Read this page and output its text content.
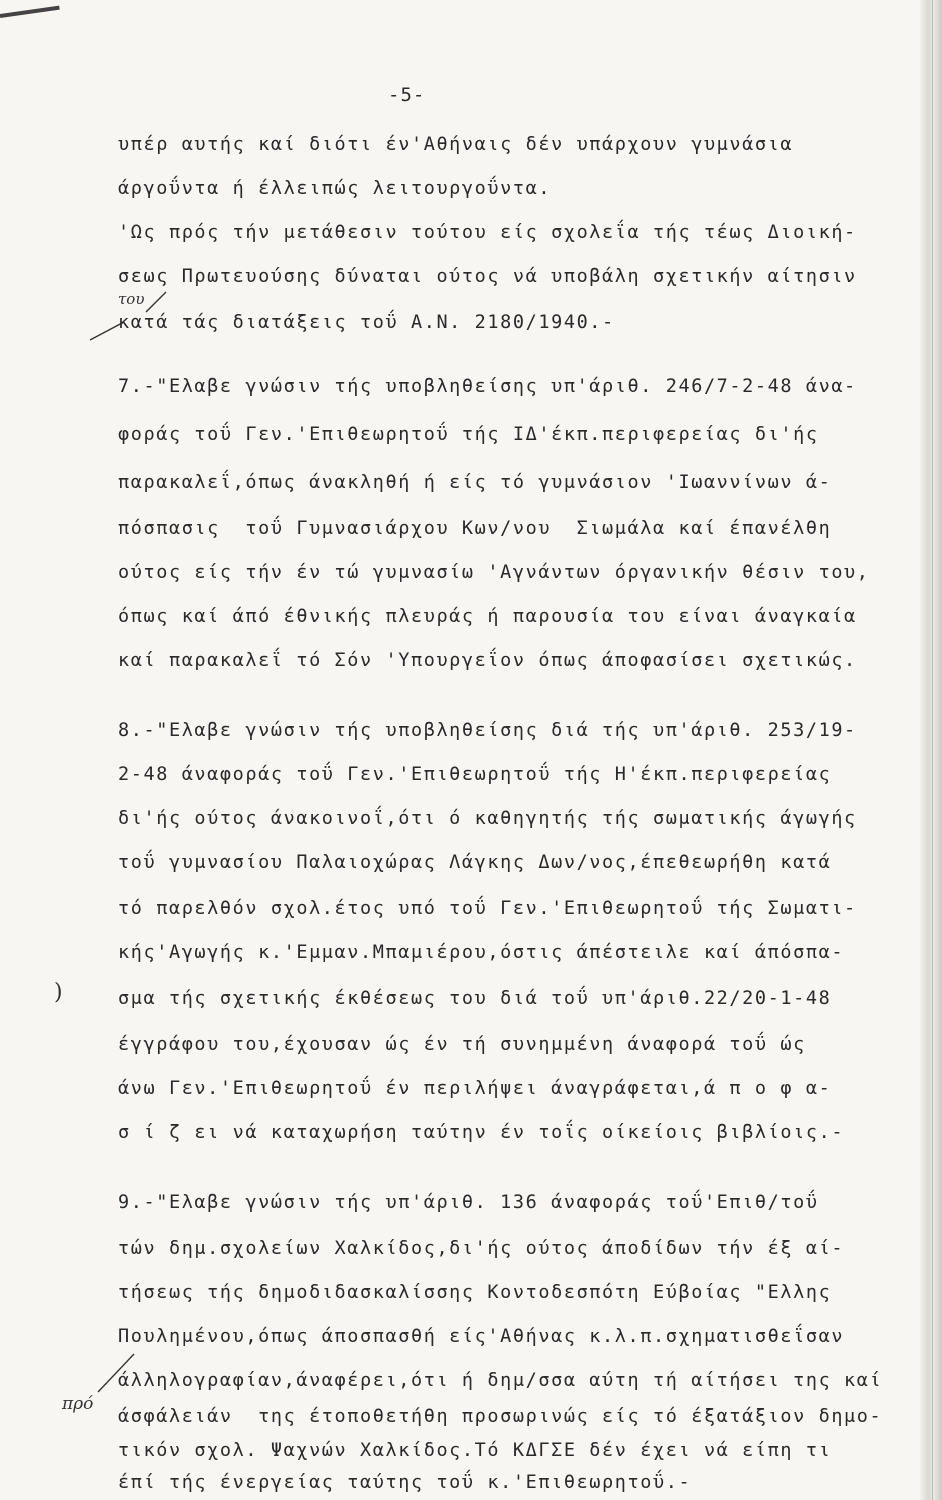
-5-
υπέρ αυτής καί διότι έν'Αθήναις δέν υπάρχουν γυμνάσια
άργοΰντα ή έλλειπώς λειτουργοΰντα.
'Ως πρός τήν μετάθεσιν τούτου είς σχολεΐα τής τέως Διοική-
σεως Πρωτευούσης δύναται ούτος νά υποβάλη σχετικήν αίτησιν
του
κατά τάς διατάξεις τοΰ Α.Ν. 2180/1940.-
7.-"Ελαβε γνώσιν τής υποβληθείσης υπ'άριθ. 246/7-2-48 άνα-
φοράς τοΰ Γεν.'Επιθεωρητοΰ τής ΙΔ'έκπ.περιφερείας δι'ής
παρακαλεΐ,όπως άνακληθή ή είς τό γυμνάσιον 'Ιωαννίνων ά-
πόσπασις  τοΰ Γυμνασιάρχου Κων/νου  Σιωμάλα καί έπανέλθη
ούτος είς τήν έν τώ γυμνασίω 'Αγνάντων όργανικήν θέσιν του,
όπως καί άπό έθνικής πλευράς ή παρουσία του είναι άναγκαία
καί παρακαλεΐ τό Σόν 'Υπουργεΐον όπως άποφασίσει σχετικώς.
8.-"Ελαβε γνώσιν τής υποβληθείσης διά τής υπ'άριθ. 253/19-
2-48 άναφοράς τοΰ Γεν.'Επιθεωρητοΰ τής Η'έκπ.περιφερείας
δι'ής ούτος άνακοινοΐ,ότι ό καθηγητής τής σωματικής άγωγής
τοΰ γυμνασίου Παλαιοχώρας Λάγκης Δων/νος,έπεθεωρήθη κατά
τό παρελθόν σχολ.έτος υπό τοΰ Γεν.'Επιθεωρητοΰ τής Σωματι-
κής'Αγωγής κ.'Εμμαν.Μπαμιέρου,όστις άπέστειλε καί άπόσπα-
)	σμα τής σχετικής έκθέσεως του διά τοΰ υπ'άριθ.22/20-1-48
έγγράφου του,έχουσαν ώς έν τή συνημμένη άναφορά τοΰ ώς
άνω Γεν.'Επιθεωρητοΰ έν περιλήψει άναγράφεται,ά π ο φ α-
σ ί ζ ει νά καταχωρήση ταύτην έν τοΐς οίκείοις βιβλίοις.-
9.-"Ελαβε γνώσιν τής υπ'άριθ. 136 άναφοράς τοΰ'Επιθ/τοΰ
τών δημ.σχολείων Χαλκίδος,δι'ής ούτος άποδίδων τήν έξ αί-
τήσεως τής δημοδιδασκαλίσσης Κοντοδεσπότη Εύβοίας "Ελλης
Πουλημένου,όπως άποσπασθή είς'Αθήνας κ.λ.π.σχηματισθεΐσαν
άλληλογραφίαν,άναφέρει,ότι ή δημ/σσα αύτη τή αίτήσει της καί
πρό
άσφάλειάν  της έτοποθετήθη προσωρινώς είς τό έξατάξιον δημο-
τικόν σχολ. Ψαχνών Χαλκίδος.Τό ΚΔΓΣΕ δέν έχει νά είπη τι
έπί τής ένεργείας ταύτης τοΰ κ.'Επιθεωρητοΰ.-
